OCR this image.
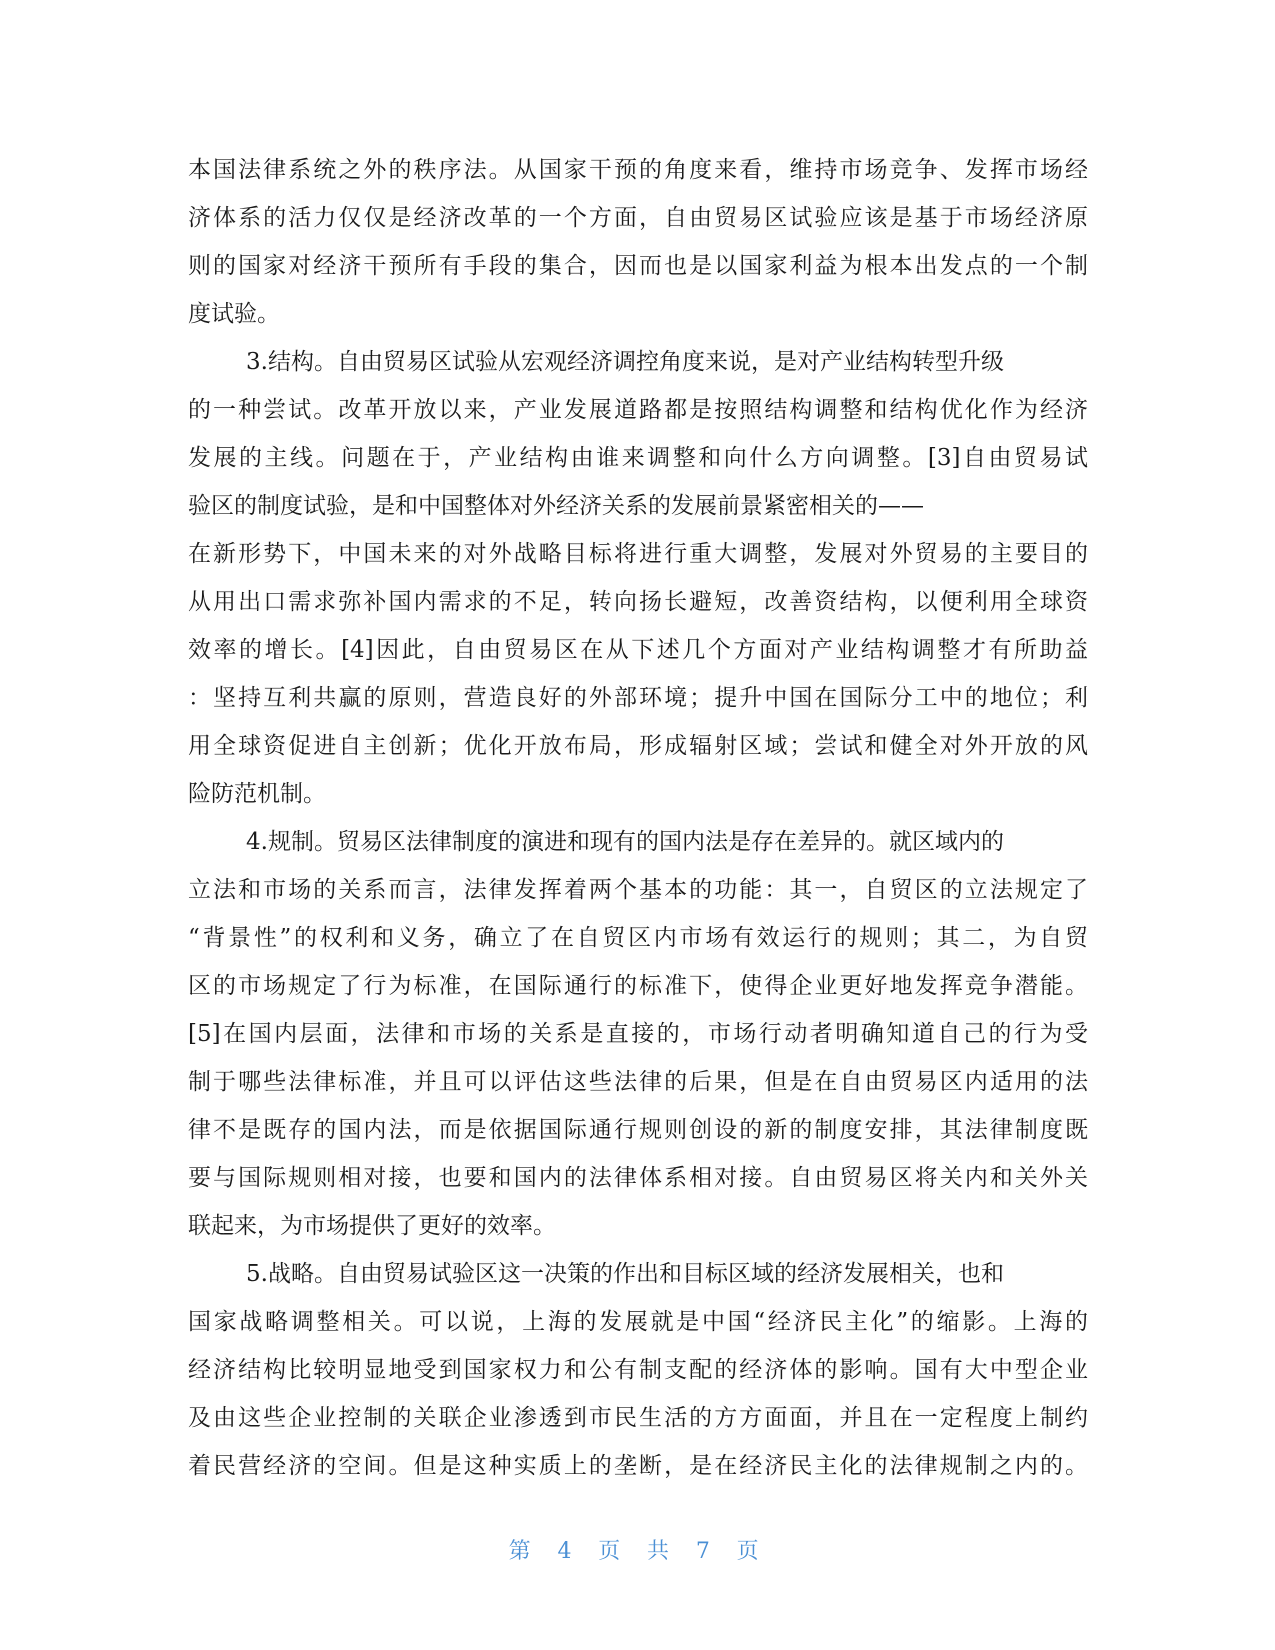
本国法律系统之外的秩序法。从国家干预的角度来看，维持市场竞争、发挥市场经
济体系的活力仅仅是经济改革的一个方面，自由贸易区试验应该是基于市场经济原
则的国家对经济干预所有手段的集合，因而也是以国家利益为根本出发点的一个制
度试验。
3.结构。自由贸易区试验从宏观经济调控角度来说，是对产业结构转型升级
的一种尝试。改革开放以来，产业发展道路都是按照结构调整和结构优化作为经济
发展的主线。问题在于，产业结构由谁来调整和向什么方向调整。[3]自由贸易试
验区的制度试验，是和中国整体对外经济关系的发展前景紧密相关的——
在新形势下，中国未来的对外战略目标将进行重大调整，发展对外贸易的主要目的
从用出口需求弥补国内需求的不足，转向扬长避短，改善资结构，以便利用全球资
效率的增长。[4]因此，自由贸易区在从下述几个方面对产业结构调整才有所助益
：坚持互利共赢的原则，营造良好的外部环境；提升中国在国际分工中的地位；利
用全球资促进自主创新；优化开放布局，形成辐射区域；尝试和健全对外开放的风
险防范机制。
4.规制。贸易区法律制度的演进和现有的国内法是存在差异的。就区域内的
立法和市场的关系而言，法律发挥着两个基本的功能：其一，自贸区的立法规定了
“背景性”的权利和义务，确立了在自贸区内市场有效运行的规则；其二，为自贸
区的市场规定了行为标准，在国际通行的标准下，使得企业更好地发挥竞争潜能。
[5]在国内层面，法律和市场的关系是直接的，市场行动者明确知道自己的行为受
制于哪些法律标准，并且可以评估这些法律的后果，但是在自由贸易区内适用的法
律不是既存的国内法，而是依据国际通行规则创设的新的制度安排，其法律制度既
要与国际规则相对接，也要和国内的法律体系相对接。自由贸易区将关内和关外关
联起来，为市场提供了更好的效率。
5.战略。自由贸易试验区这一决策的作出和目标区域的经济发展相关，也和
国家战略调整相关。可以说，上海的发展就是中国“经济民主化”的缩影。上海的
经济结构比较明显地受到国家权力和公有制支配的经济体的影响。国有大中型企业
及由这些企业控制的关联企业渗透到市民生活的方方面面，并且在一定程度上制约
着民营经济的空间。但是这种实质上的垄断，是在经济民主化的法律规制之内的。
第 4 页 共 7 页
